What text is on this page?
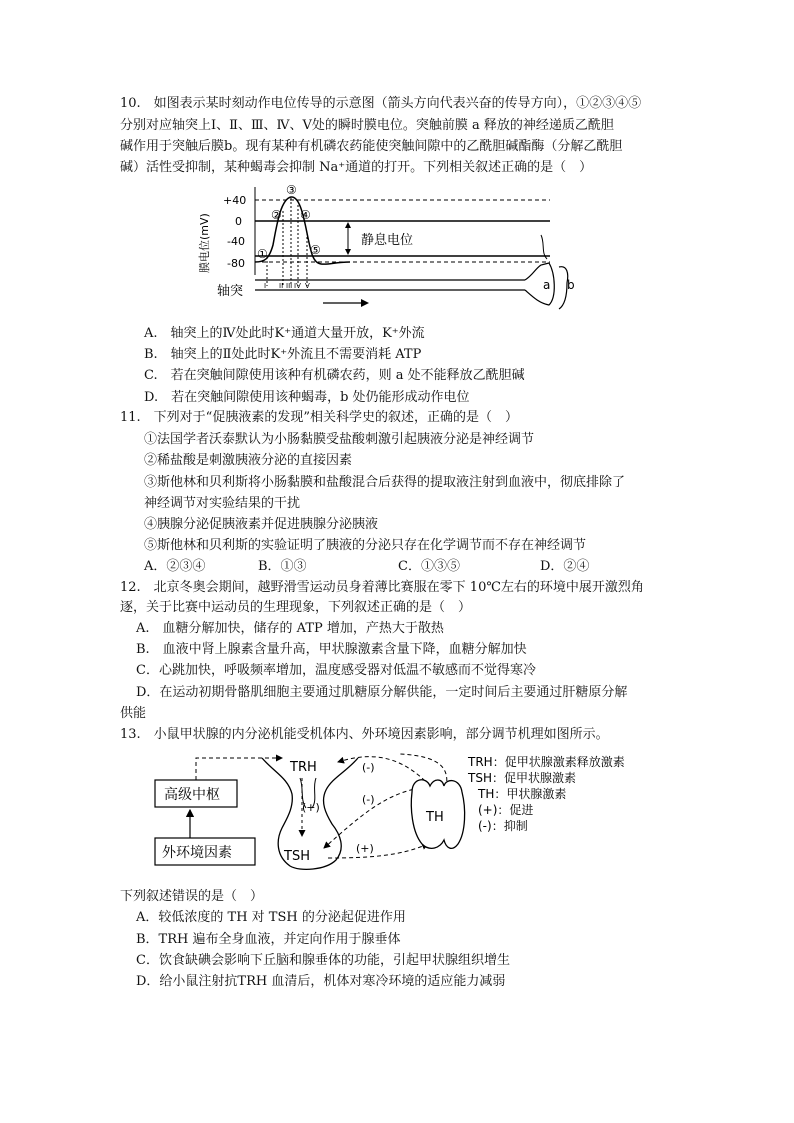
10.　如图表示某时刻动作电位传导的示意图（箭头方向代表兴奋的传导方向），①②③④⑤
分别对应轴突上Ⅰ、Ⅱ、Ⅲ、Ⅳ、Ⅴ处的瞬时膜电位。突触前膜 a 释放的神经递质乙酰胆
碱作用于突触后膜b。现有某种有机磷农药能使突触间隙中的乙酰胆碱酯酶（分解乙酰胆
碱）活性受抑制，某种蝎毒会抑制 Na⁺通道的打开。下列相关叙述正确的是（　）
膜电位(mV)
+40
0
-40
-80
①
②
③
④
⑤
静息电位
轴突	I II III IV V	a b
A.　轴突上的Ⅳ处此时K⁺通道大量开放，K⁺外流
B.　轴突上的Ⅱ处此时K⁺外流且不需要消耗 ATP
C.　若在突触间隙使用该种有机磷农药，则 a 处不能释放乙酰胆碱
D.　若在突触间隙使用该种蝎毒，b 处仍能形成动作电位
11.　下列对于“促胰液素的发现”相关科学史的叙述，正确的是（　）
①法国学者沃泰默认为小肠黏膜受盐酸刺激引起胰液分泌是神经调节
②稀盐酸是刺激胰液分泌的直接因素
③斯他林和贝利斯将小肠黏膜和盐酸混合后获得的提取液注射到血液中，彻底排除了
神经调节对实验结果的干扰
④胰腺分泌促胰液素并促进胰腺分泌胰液
⑤斯他林和贝利斯的实验证明了胰液的分泌只存在化学调节而不存在神经调节
A．②③④	B．①③	C．①③⑤	D．②④
12.　北京冬奥会期间，越野滑雪运动员身着薄比赛服在零下 10℃左右的环境中展开激烈角
逐，关于比赛中运动员的生理现象，下列叙述正确的是（　）
A.　血糖分解加快，储存的 ATP 增加，产热大于散热
B.　血液中肾上腺素含量升高，甲状腺激素含量下降，血糖分解加快
C．心跳加快，呼吸频率增加，温度感受器对低温不敏感而不觉得寒冷
D．在运动初期骨骼肌细胞主要通过肌糖原分解供能，一定时间后主要通过肝糖原分解
供能
13.　小鼠甲状腺的内分泌机能受机体内、外环境因素影响，部分调节机理如图所示。
高级中枢
外环境因素
TRH
(+)
TSH
(-)
(-)
(+)
TH
TRH：促甲状腺激素释放激素
TSH：促甲状腺激素
TH：甲状腺激素
(+)：促进
(-)：抑制
下列叙述错误的是（　）
A．较低浓度的 TH 对 TSH 的分泌起促进作用
B．TRH 遍布全身血液，并定向作用于腺垂体
C．饮食缺碘会影响下丘脑和腺垂体的功能，引起甲状腺组织增生
D．给小鼠注射抗TRH 血清后，机体对寒冷环境的适应能力减弱
